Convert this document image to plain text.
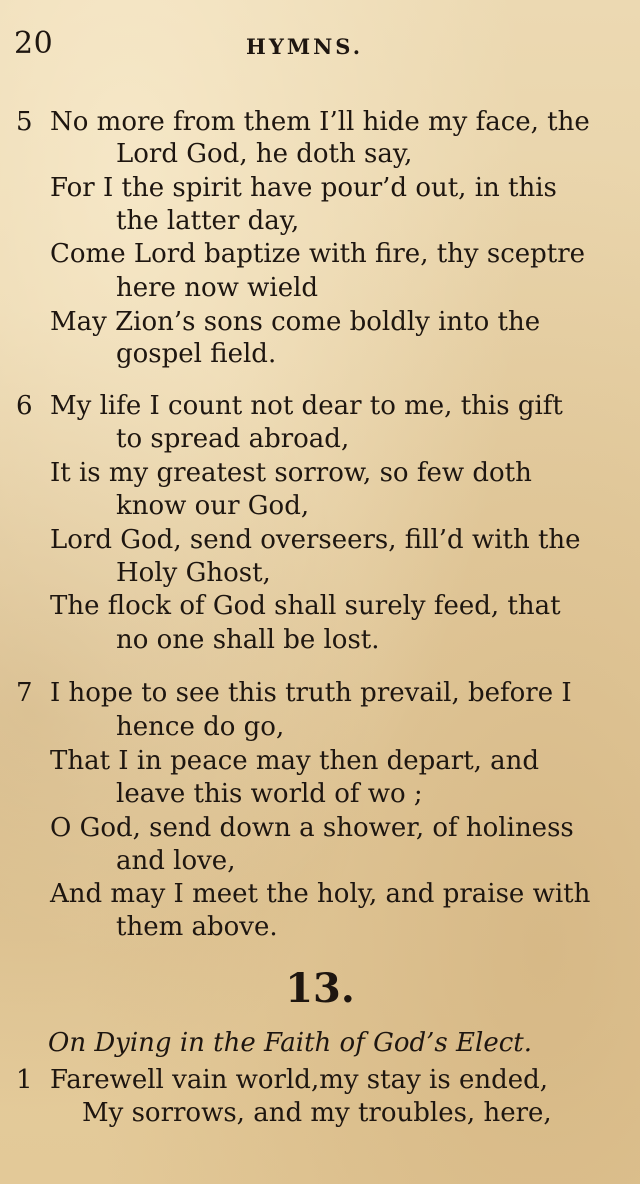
20	HYMNS.
5 No more from them I’ll hide my face, the
Lord God, he doth say,
For I the spirit have pour’d out, in this
the latter day,
Come Lord baptize with fire, thy sceptre
here now wield
May Zion’s sons come boldly into the
gospel field.
6 My life I count not dear to me, this gift
to spread abroad,
It is my greatest sorrow, so few doth
know our God,
Lord God, send overseers, fill’d with the
Holy Ghost,
The flock of God shall surely feed, that
no one shall be lost.
7 I hope to see this truth prevail, before I
hence do go,
That I in peace may then depart, and
leave this world of wo ;
O God, send down a shower, of holiness
and love,
And may I meet the holy, and praise with
them above.
13.
On Dying in the Faith of God’s Elect.
1 Farewell vain world,my stay is ended,
My sorrows, and my troubles, here,
